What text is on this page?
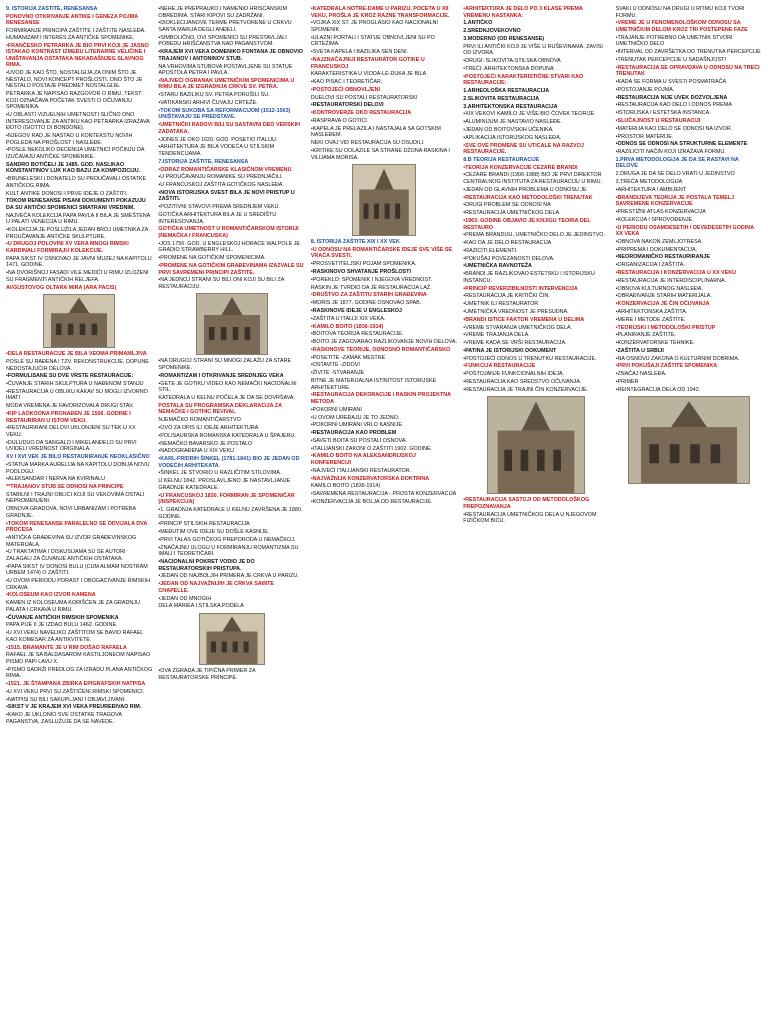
9. ISTORIJA ZAŠTITE, RENESANSA

PONOVNO OTKRIVANJE ANTIKE I GENEZA POJMA RENESANSE

FORMIRANJE PRINCIPA ZAŠTITE I ZAŠTITE NASLEĐA. HUMANIZAM I INTERES ZA ANTIČKE SPOMENIKE.

•FRANČESKO PETRARKA JE BIO PRVI KOJI JE JASNO ISTAKAO KONTRAST IZMEĐU LITERARNE VELIČINE I UNIŠTAVANJA OSTATAKA NEKADAŠNJEG SLAVNOG RIMA.

•UVOD JE KAO ŠTO, NOSTALGIJA ZA ONIM ŠTO JE NESTALO, NOVI KONCEPT PROŠLOSTI. ONO ŠTO JE NESTALO POSTAJE PREDMET NOSTALGIJE.

PETRARKA JE NAPISAO RAZGOVOR O RIMU, TEKST KOJI OZNAČAVA POČETAK SVESTI O OČUVANJU SPOMENIKA.

•U OBLASTI VIZUELNIH UMETNOSTI SLIČNO ONO INTERESOVANJE ZA ANTIKU KAO PETRARKA IZRAŽAVA ĐOTO (GIOTTO DI BONDONE).

•NJEGOV RAD JE NASTAO U KONTEKSTU NOVIH POGLEDA NA PROŠLOST I NASLEĐE.

•POSLE NEKOLIKO DECENIJA UMETNICI POČINJU DA IZUČAVAJU ANTIČKE SPOMENIKE.

SANDRO BOTIČELI JE 1485. GOD. NASLIKAO KONSTANTINOV LUK KAO BAZU ZA KOMPOZICIJU.

•BRUNELESKI I DONATELO SU PROUČAVALI OSTATKE ANTIČKOG RIMA.

KULT ANTIKE DONOSI I PRVE IDEJE O ZAŠTITI.

TOKOM RENESANSE PISANI DOKUMENTI POKAZUJU DA SU ANTIČKI SPOMENICI SMATRANI VREDNIM.

NAJVEĆA KOLEKCIJA PAPA PAVLA II BILA JE SMEŠTENA U PALATI VENECIJA U RIMU.

•KOLEKCIJA JE POSLUŽILA JEDAN BROJ UMETNIKA ZA PROUČAVANJE ANTIČKE SKULPTURE.

•U DRUGOJ POLOVINI XV VEKA MNOGI RIMSKI KARDINALI FORMIRAJU KOLEKCIJE.

PAPA SIKST IV OSNOVAO JE JAVNI MUZEJ NA KAPITOLU 1471. GODINE.

•NA DVORIŠNOJ FASADI VILE MEDIĆI U RIMU IZLOŽENI SU FRAGMENTI ANTIČKIH RELJEFA.

AVGUSTOVOG OLTARA MIRA (ARA PACIS)

•DELA RESTAURACIJE JE BILA VEOMA PRIMAMLJIVA

POSLE SU RAĐENA I TZV. REKONSTRUKCIJE, DOPUNE NEDOSTAJUĆIH DELOVA.

•FORMULISANE SU DVE VRSTE RESTAURACIJE:

•ČUVANJE STARIH SKULPTURA U NAĐENOM STANJU

•RESTAURACIJA U OBLIKU KAKAV SU MOGLI IZVORNO IMATI

MODA VREMENA JE FAVORIZOVALA DRUGI STAV.

•KIP LAOKOONA PRONAĐEN JE 1506. GODINE I RESTAURIRAN U ISTOM VEKU.

•RESTAURIRANI DELOVI UKLONJENI SU TEK U XX VEKU.

•DULUDUO DA SANGALO I MIKELANĐELO SU PRVI UVIDELI VREDNOST ORIGINALA.

XV I XVI VEK JE BILO RESTAURIRANJE NEOKLASIČNO

•STATUA MARKA AURELIJA NA KAPITOLU DOBIJA NOVU PODLOGU.

•ALEKSANDAR I NERVA NA KVIRINALU

**TRAJANOV STUB SE ODNOSI NA PRINCIPE

STABILNI I TRAJNI OBLICI KOJI SU VEKOVIMA OSTALI NEPROMENJENI.

OBNOVA GRADOVA, NOVI URBANIZAM I POTREBA GRADNJE.

•TOKOM RENESANSE PARALELNO SE ODVIJALA DVA PROCESA

•ANTIČKA GRAĐEVINA SU IZVOR GRAĐEVINSKOG MATERIJALA.

•U TRAKTATIMA I DISKUSIJAMA SU SE AUTORI ZALAGALI ZA ČUVANJE ANTIČKIH OSTATAKA.

•PAPA SIKST IV DONOSI BULU (CUM ALMAM NOSTRAM URBEM 1474) O ZAŠTITI.

•U OVOM PERIODU PORAST I OBOGAĆIVANJE RIMSKIH CRKAVA.

•KOLOSEUM KAO IZVOR KAMENA

KAMEN IZ KOLOSEUMA KORIŠĆEN JE ZA GRADNJU PALATA I CRKAVA U RIMU.

•ČUVANJE ANTIČKIH RIMSKIH SPOMENIKA

PAPA PIJE II JE IZDAO BULU 1462. GODINE.

•U XVI VEKU NAVELIKO ZAŠTITOM SE BAVIO RAFAEL KAO KOMESAR ZA ANTIKVITETE.

•1515. BRAMANTE JE U RIM DOŠAO RAFAELA

RAFAEL JE SA BALDASAROM KASTILJONEOM NAPISAO PISMO PAPI LAVU X.

•PISMO SADRŽI PREDLOG ZA IZRADU PLANA ANTIČKOG RIMA.

•1521. JE ŠTAMPANA ZBIRKA EPIGRAFSKIH NATPISA

•U XVI VEKU PRVI SU ZAŠTIĆENI RIMSKI SPOMENICI.

•NATPISI SU BILI SAKUPLJANI I OBJAVLJIVANI.

•SIKST V JE KRAJEM XVI VEKA PREUREĐIVAO RIM.

•KAKO JE UKLONIO SVE OSTATKE TRAGOVA PAGANSTVA, ZASLUŽUJE DA SE NAVEDE.

•NEHE JE PREPRAUKO I NAMENIO HRIŠĆANSKIM OBREDIMA. STARI KIPOVI SU ZADRŽANI.

•DIOKLECIJANOVE TERME PRETVORENE U CRKVU SANTA MARIJA DEGLI ANĐELI.

•SIMBOLIČNO, OVI SPOMENICI SU PRESTAVLJALI POBEDU HRIŠĆANSTVA NAD PAGANSTVOM.

•KRAJEM XVI VEKA DOMENIKO FONTANA JE OBNOVIO TRAJANOV I ANTONINOV STUB.

NA VRHOVIMA STUBOVA POSTAVLJENE SU STATUE APOSTOLA PETRA I PAVLA.

•NAJVEĆI OGRANAK UMETNIČKIM SPOMENICIMA U RIMU BILA JE IZGRADNJA CRKVE SV. PETRA.

•STARU BAZILIKU SV. PETRA PORUŠILI SU.

•VATIKANSKI ARHIVI ČUVAJU CRTEŽE.

•TOKOM SUKOBA SA REFORMACIJOM (1512-1563) UNIŠTAVAJU SE PREDSTAVE.

•UMETNIČKI RADOVI BILI SU SASTAVNI DEO VERSKIH ZADATAKA.

•JONES JE OKO 1620. GOD. POSETIO ITALIJU.

•ARHITEKTURA JE BILA VODEĆA U STILSKIM TENDENCIJAMA.

7.ISTORIJA ZAŠTITE, RENESANSA

•ODRAZ ROMANTIČARSKE KLASIČNOM VREMENU

•U PROUČAVANJU ROMANIKE SU PREDNJAČILI.

•U FRANCUSKOJ ZAŠTITA GOTIČKOG NASLEĐA.

•NOVA ISTORIJSKA SVEST BILA JE NOVI PRISTUP U ZAŠTITI.

•POZITIVNI STAVOVI PREMA SREDNJEM VEKU.

GOTIČKA ARHITEKTURA BILA JE U SREDIŠTU INTERESOVANJA.

GOTIČKA UMETNOST U ROMANTIČARSKOM ISTORIJI (NEMAČKA I FRANCUSKA)

•JOS 1750. GOD. U ENGLESKOJ HORACE WALPOLE JE GRADIO STRAWBERRY HILL.

•PROMENE NA GOTIČKIM SPOMENICIMA.

•PROMENE NA GOTIČKIM GRAĐEVINAMA IZAZVALE SU PRVI SAVREMENI PRINCIPI ZAŠTITE.

•NA JEDNOJ STRANI SU BILI ONI KOJI SU BILI ZA RESTAURACIJU.

•NA DRUGOJ STRANI SU MNOGI ZALAŽU ZA STARE SPOMENIKE.

•ROMANTIZAM I OTKRIVANJE SREDNJEG VEKA

•GETE JE GOTIKU VIDEO KAO NEMAČKI NACIONALNI STIL.

KATEDRALA U KELNU POČELA JE DA SE DOVRŠAVA.

POSTALA SU PROGRAMSKA DEKLARACIJA ZA NEMAČKE I GOTHIC REVIVAL

NJEMAČKO ROMANTIČARSTVO

•OVO ZA OPIS ILI IDEJE ARHITEKTURA

•POLISAURSKA ROMANSKA KATEDRALA U ŠPAJERU.

•NEMAČKO BAVARSKO JE POSTALO

•NADOGRAĐENA U XIX VEKU

•KARL-FRIDRIH ŠINKEL (1781-1841) BIO JE JEDAN OD VODEĆIH ARHITEKATA.

•ŠINKEL JE STVORIO U RAZLIČITIM STILOVIMA.

U KELNU 1842. PROSLAVLJENO JE NASTAVLJANJE GRADNJE KATEDRALE.

•U FRANCUSKOJ 1830. FORMIRAN JE SPOMENIČAR (INSPEKCIJA)

•1. GRADNJA KATEDRALE U KELNU ZAVRŠENA JE 1880. GODINE.

•PRINCIP STILSKIH RESTAURACIJA

•MEĐUTIM OVE IDEJE SU DOŠLE KASNIJE.

•PRVI TALAS GOTIČKOG PREPORODA U NEMAČKOJ.

•ZNAČAJNU ULOGU U FORMIRANJU ROMANTIZMA SU IMALI I TEORETIČARI.

•NACIONALNI POKRET VODIO JE DO RESTAURATORSKIH PRISTUPA.

•JEDAN OD NAJBOLJIH PRIMERA JE CRKVA U PARIZU.

•JEDAN OD NAJVAŽNIJIH JE CRKVA SAINTE CHAPELLE.

•JEDAN OD MNOGIH

DELA MARIEA I STILSKA PODELA

•OVA ZGRADA JE TIPIČNA PRIMER ZA RESTAURATORSKE PRINCIPE.

•KATEDRALA NOTRE-DAME U PARIZU, POČETA U XII VEKU, PROŠLA JE KROZ RAZNE TRANSFORMACIJE.

•VOJKA XIX ST. JE PROGLASIO KAO NACIONALNI SPOMENIK.

•ULAZNI PORTALI I STATUE OBNOVLJENI SU PO CRTEŽIMA.

•SVETA KAPELA I BAZILIKA SEN DENI.

•NAJZNAČAJNIJI RESTAURATOR GOTIKE U FRANCUSKOJ

KARAKTERISTIKA U VIODA-LE-DUKA JE BILA

•KAO PISAC I TEORETIČAR.

•POSTOJEĆI OBNOVLJENI

DUELOVI SU POSTALI RESTAURATORSKI

•RESTAURATORSKI DELOVI

•KONTROVERZE OKO RESTAURACIJA

•RASPRAVA O GOTICI.

•KAPELA JE PRELAZILA I NASTAJALA SA GOTSKIM NASLEĐEM.

NEKI OVAJ VID RESTAURACIJA SU OSUDILI.

•KRITIKE SU DOLAZILE SA STRANE DŽONA RASKINA I VILIJAMA MORISA.

8. ISTORIJA ZAŠTITE XIX I XX VEK

•U ODNOSU NA ROMANTIČARSKE IDEJE SVE VIŠE SE VRAĆA SVESTI.

•PROSVETITELJSKI POJAM SPOMENIKA.

•RASKINOVO SHVATANJE PROŠLOSTI

•POREKLO: SPOMENIK I NJEGOVA VREDNOST.

RASKIN JE TVRDIO DA JE RESTAURACIJA LAŽ.

•DRUŠTVO ZA ZAŠTITU STARIH GRAĐEVINA

•MORIS JE 1877. GODINE OSNOVAO SPAB.

•RASKINOVE IDEJE U ENGLESKOJ

•ZAŠTITA U ITALIJI XIX VEKA.

•KAMILO BOITO (1836-1914)

•BOITOVA TEORIJA RESTAURACIJE.

•BOITO JE ZAGOVARAO RAZLIKOVANJE NOVIH DELOVA.

•RASKINOVE TEORIJE, ODNOSNO ROMANTIČARSKO

•POSETITE -ZAMAK MESTRE

•OSTAVITE -ZIDOVI

•ŽIVITE -STVARANJE

BITNE JE MATERIJALNA ISTINITOST ISTORIJSKE ARHITEKTURE.

•RESTAURACIJA DEKORACIJE I RASKIN PROJEKTNA METODA

•POKORNI UMIRANI

•U OVOM UREĐAJU JE TO JEDNO.

•POKORNI UMIRANI VRLO KASNIJE.

•RESTAURACIJA KAO PROBLEM

•SAVETI BOITA SU POSTALI OSNOVA.

•ITALIJANSKI ZAKONI O ZAŠTITI 1902. GODINE.

•KAMILO BOITO NA ALEKSANDRIJSKOJ KONFERENCIJI

•NAJVEĆI ITALIJANSKI RESTAURATOR.

•NAJVAŽNIJA KONZERVATORSKA DOKTRINA

KAMILO BOITO (1836-1914)

•SAVREMENA RESTAURACIJA - PROSTA KONZERVACIJA

•KONZERVACIJA JE BOLJA OD RESTAURACIJE.

•ARHITEKTURA JE DELO PO 3 KLASE PREMA VREMENU NASTANKA:

1.ANTIČKO

2.SREDNJOVEKOVNO

3.MODERNO (OD RENESANSE)

PRVI ILI ANTIČKI KOJI JE VIŠE U RUŠEVINAMA, ZAVISI OD IZVORA.

•DRUGI: SLIKOVITA-STILSKA OBNOVA

•TREĆI: ARHITEKTONSKA DOPUNA

•POSTOJEĆI KARAKTERISTIČNE STVARI KAO RESTAURACIJE:

1.ARHEOLOŠKA RESTAURACIJA

2.SLIKOVITA RESTAURACIJA

3.ARHITEKTONSKA RESTAURACIJA

•XIX VEKOVI KAMILO JE VIŠE BIO ČOVEK TEORIJE.

•ALUMINIJUM JE NASTAVIO NASLEĐE.

•JEDAN OD BOITOVSKIH UČENIKA.

•APLIKACIJA ISTORIJSKOG NASLEĐA.

•SVE OVE PROMENE SU UTICALE NA RAZVOJ RESTAURACIJE.

8.B TEORIJA RESTAURACIJE

•TEORIJA KONZERVACIJE CEZARE BRANDI

•CEZARE BRANDI (1906-1988) BIO JE PRVI DIREKTOR CENTRALNOG INSTITUTA ZA RESTAURACIJU U RIMU.

•JEDAN OD GLAVNIH PROBLEMA U ODNOSU JE

•RESTAURACIJA KAO METODOLOŠKI TRENUTAK

•DRUGI PROBLEM SE ODNOSI NA

•RESTAURACIJA UMETNIČKOG DELA

•1963. GODINE OBJAVIO JE KNJIGU TEORIA DEL RESTAURO

•PREMA BRANDIJU, UMETNIČKO DELO JE JEDINSTVO.

•KAO DA JE DELO RESTAURACIJA

•RAZICITI ELEMENTI.

•POKUŠAJ POVEZANOSTI DELOVA.

•UMETNIČKA RAVNOTEŽA

•BRANDI JE RAZLIKOVAO ESTETSKU I ISTORIJSKU INSTANCU.

•PRINCIP REVERZIBILNOSTI INTERVENCIJA

•RESTAURACIJA JE KRITIČKI ČIN.

•UMETNIK ILI RESTAURATOR

•UMETNIČKA VREDNOST JE PRESUDNA.

•BRANDI ISTICE FAKTOR VREMENA U DELIMA

•VREME STVARANJA UMETNIČKOG DELA.

•VREME TRAJANJA DELA.

•VREME KADA SE VRŠI RESTAURACIJA.

•PATINA JE ISTORIJSKI DOKUMENT

•POSTOJEĆI ODNOS U TRENUTKU RESTAURACIJE.

•FUNKCIJA RESTAURACIJE

•POSTOJANJE FUNKCIONALNIH IDEJA.

•RESTAURACIJA KAO SREDSTVO OČUVANJA.

•RESTAURACIJA JE TRAJNI ČIN KONZERVACIJE.

•RESTAURACIJA SASTOJI OD METODOLOŠKOG PREPOZNAVANJA

•RESTAURACIJA UMETNIČKOG DELA U NJEGOVOM FIZIČKOM BIĆU.

SVAKI U ODNOSU NA DRUGI U RITMU KOJI TVORI FORMU.

•VREME JE U FENOMENOLOŠKOM ODNOSU SA UMETNIČKIM DELOM KROZ TRI POSTEPENE FAZE

•TRAJANJE POTREBNO DA UMETNIK STVORI UMETNIČKO DELO

•INTERVAL OD ZAVRŠETKA DO TRENUTKA PERCEPCIJE

•TRENUTAK PERCEPCIJE U SADAŠNJOSTI

•RESTAURACIJA SE OPRAVDAVA U ODNOSU NA TREĆI TRENUTAK

•KADA SE FORMA U SVESTI POSMATRAČA

•POSTOJANJE POJMA.

•RESTAURACIJA NIJE UVEK DOZVOLJENA

•RESTAURACIJA KAO DELO I ODNOS PREMA

•ISTORIJSKA I ESTETSKA INSTANCA.

•SLUČAJNOST U RESTAURACIJI

•MATERIJA KAO DELO SE ODNOSI NA IZVOR.

•PROSTOR MATERIJE.

•ODNOS SE ODNOSI NA STRUKTURNE ELEMENTE

•RAZILICITI NAČIN KOJI IZRAŽAVA FORMU.

1.PRVA METODOLOGIJA JE DA SE RASTAVI NA DELOVE

2.DRUGA JE DA SE DELO VRATI U JEDINSTVO

3.TREĆA METODOLOGIJA

•ARHITEKTURA I AMBIJENT

•BRANDIJEVA TEORIJA JE POSTALA TEMELJ SAVREMENE KONZERVACIJE

•PRESTIŽNI ATLAS KONZERVACIJA

•KOLEKCIJA I SPROVOĐENJE.

•U PERIODU OSAMDESETIH I DEVEDESETIH GODINA XX VEKA

•OBNOVA NAKON ZEMLJOTRESA.

•PRIPREMA I DOKUMENTACIJA.

•NEOROMANIČKO RESTAURIRANJE

•ORGANIZACIJA I ZAŠTITA.

•RESTAURACIJA I KONZERVACIJA U XX VEKU

•RESTAURACIJA JE INTERDISCIPLINARNA.

•OBNOVA KULTURNOG NASLEĐA.

•OBRAĐIVANJE STARIH MATERIJALA.

•KONZERVACIJA JE ČIN OČUVANJA

•ARHITEKTONSKA ZAŠTITA.

•MERE I METODE ZAŠTITE.

•TEORIJSKI I METODOLOŠKI PRISTUP

•PLANIRANJE ZAŠTITE.

•KONZERVATORSKE TEHNIKE.

•ZAŠTITA U SRBIJI

•NA OSNOVU ZAKONA O KULTURNIM DOBRIMA.

•PRVI POKUŠAJI ZAŠTITE SPOMENIKA

•ZNAČAJ NASLEĐA.

•PRIMER

•REINTEGRACIJA DELA OD 1942.
